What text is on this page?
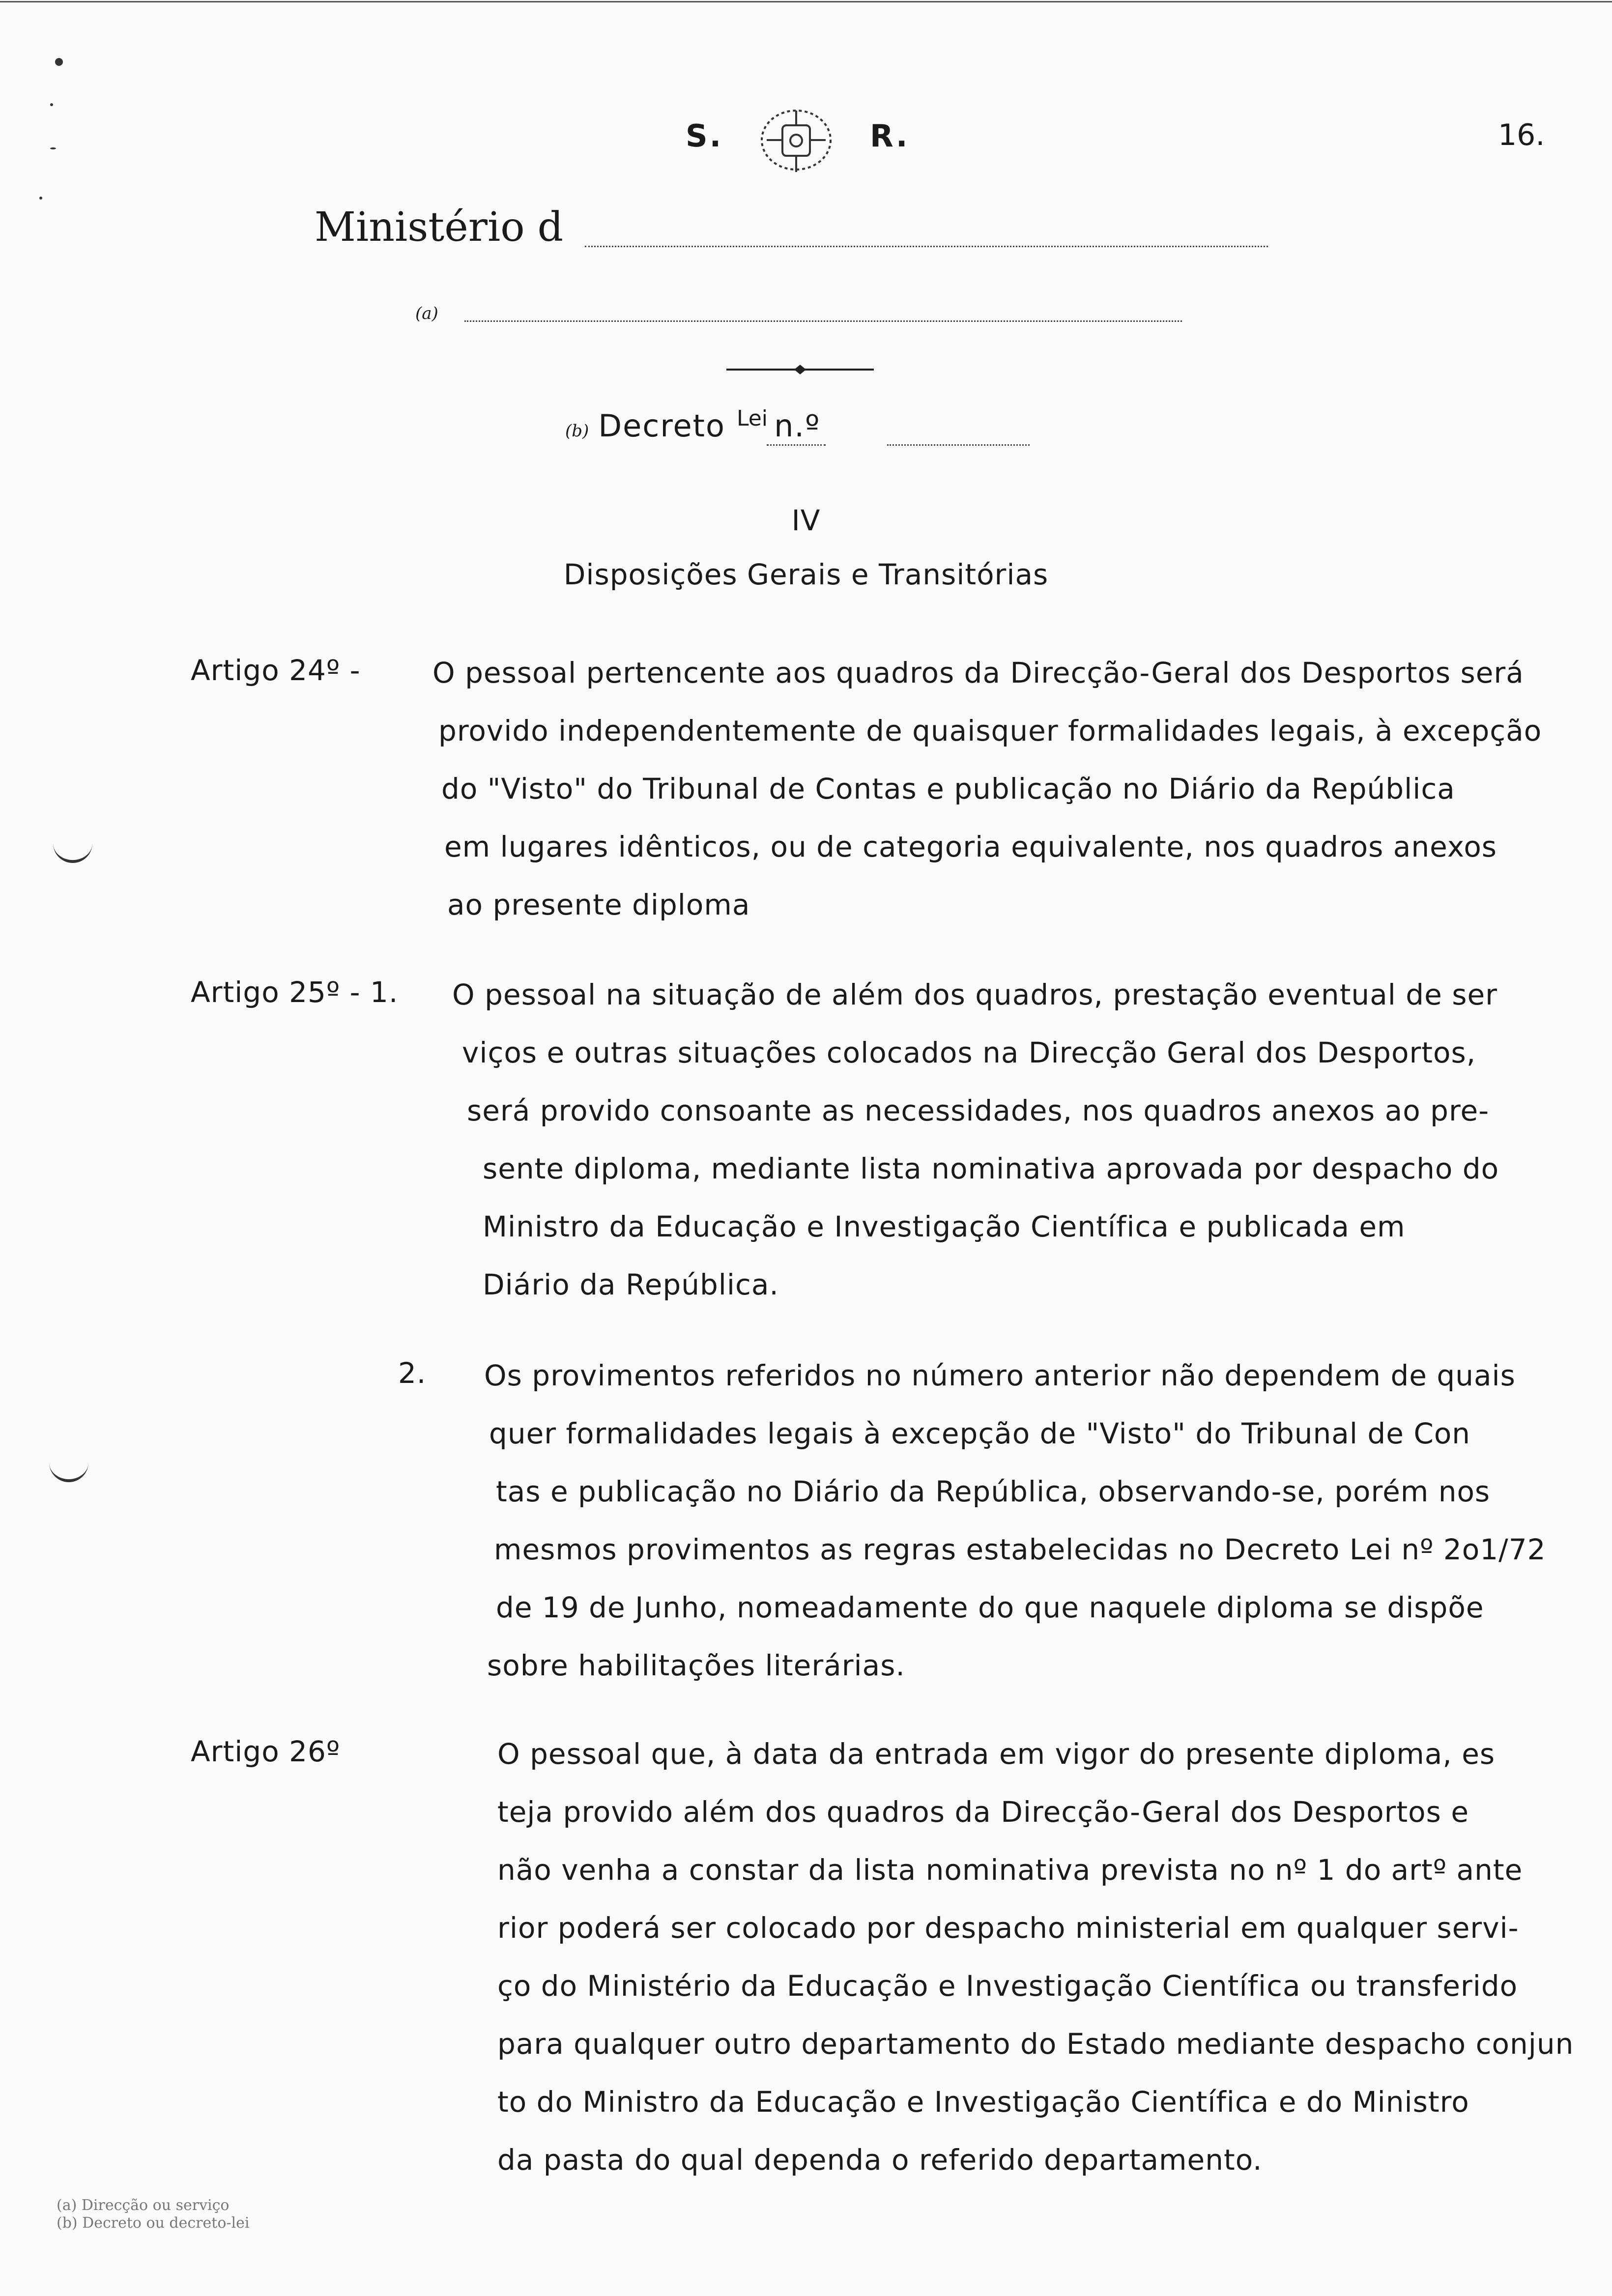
S.	R.	16.
Ministério d
(a)
(b) Decreto Lei n.º
IV
Disposições Gerais e Transitórias
Artigo 24º -	O pessoal pertencente aos quadros da Direcção-Geral dos Desportos será

provido independentemente de quaisquer formalidades legais, à excepção

do "Visto" do Tribunal de Contas e publicação no Diário da República

em lugares idênticos, ou de categoria equivalente, nos quadros anexos

ao presente diploma

Artigo 25º - 1. O pessoal na situação de além dos quadros, prestação eventual de ser

viços e outras situações colocados na Direcção Geral dos Desportos,

será provido consoante as necessidades, nos quadros anexos ao pre-

sente diploma, mediante lista nominativa aprovada por despacho do

Ministro da Educação e Investigação Científica e publicada em

Diário da República.

2. Os provimentos referidos no número anterior não dependem de quais

quer formalidades legais à excepção de "Visto" do Tribunal de Con

tas e publicação no Diário da República, observando-se, porém nos

mesmos provimentos as regras estabelecidas no Decreto Lei nº 2o1/72

de 19 de Junho, nomeadamente do que naquele diploma se dispõe

sobre habilitações literárias.

Artigo 26º	O pessoal que, à data da entrada em vigor do presente diploma, es

teja provido além dos quadros da Direcção-Geral dos Desportos e

não venha a constar da lista nominativa prevista no nº 1 do artº ante

rior poderá ser colocado por despacho ministerial em qualquer servi-

ço do Ministério da Educação e Investigação Científica ou transferido

para qualquer outro departamento do Estado mediante despacho conjun

to do Ministro da Educação e Investigação Científica e do Ministro

da pasta do qual dependa o referido departamento.

(a) Direcção ou serviço
(b) Decreto ou decreto-lei
